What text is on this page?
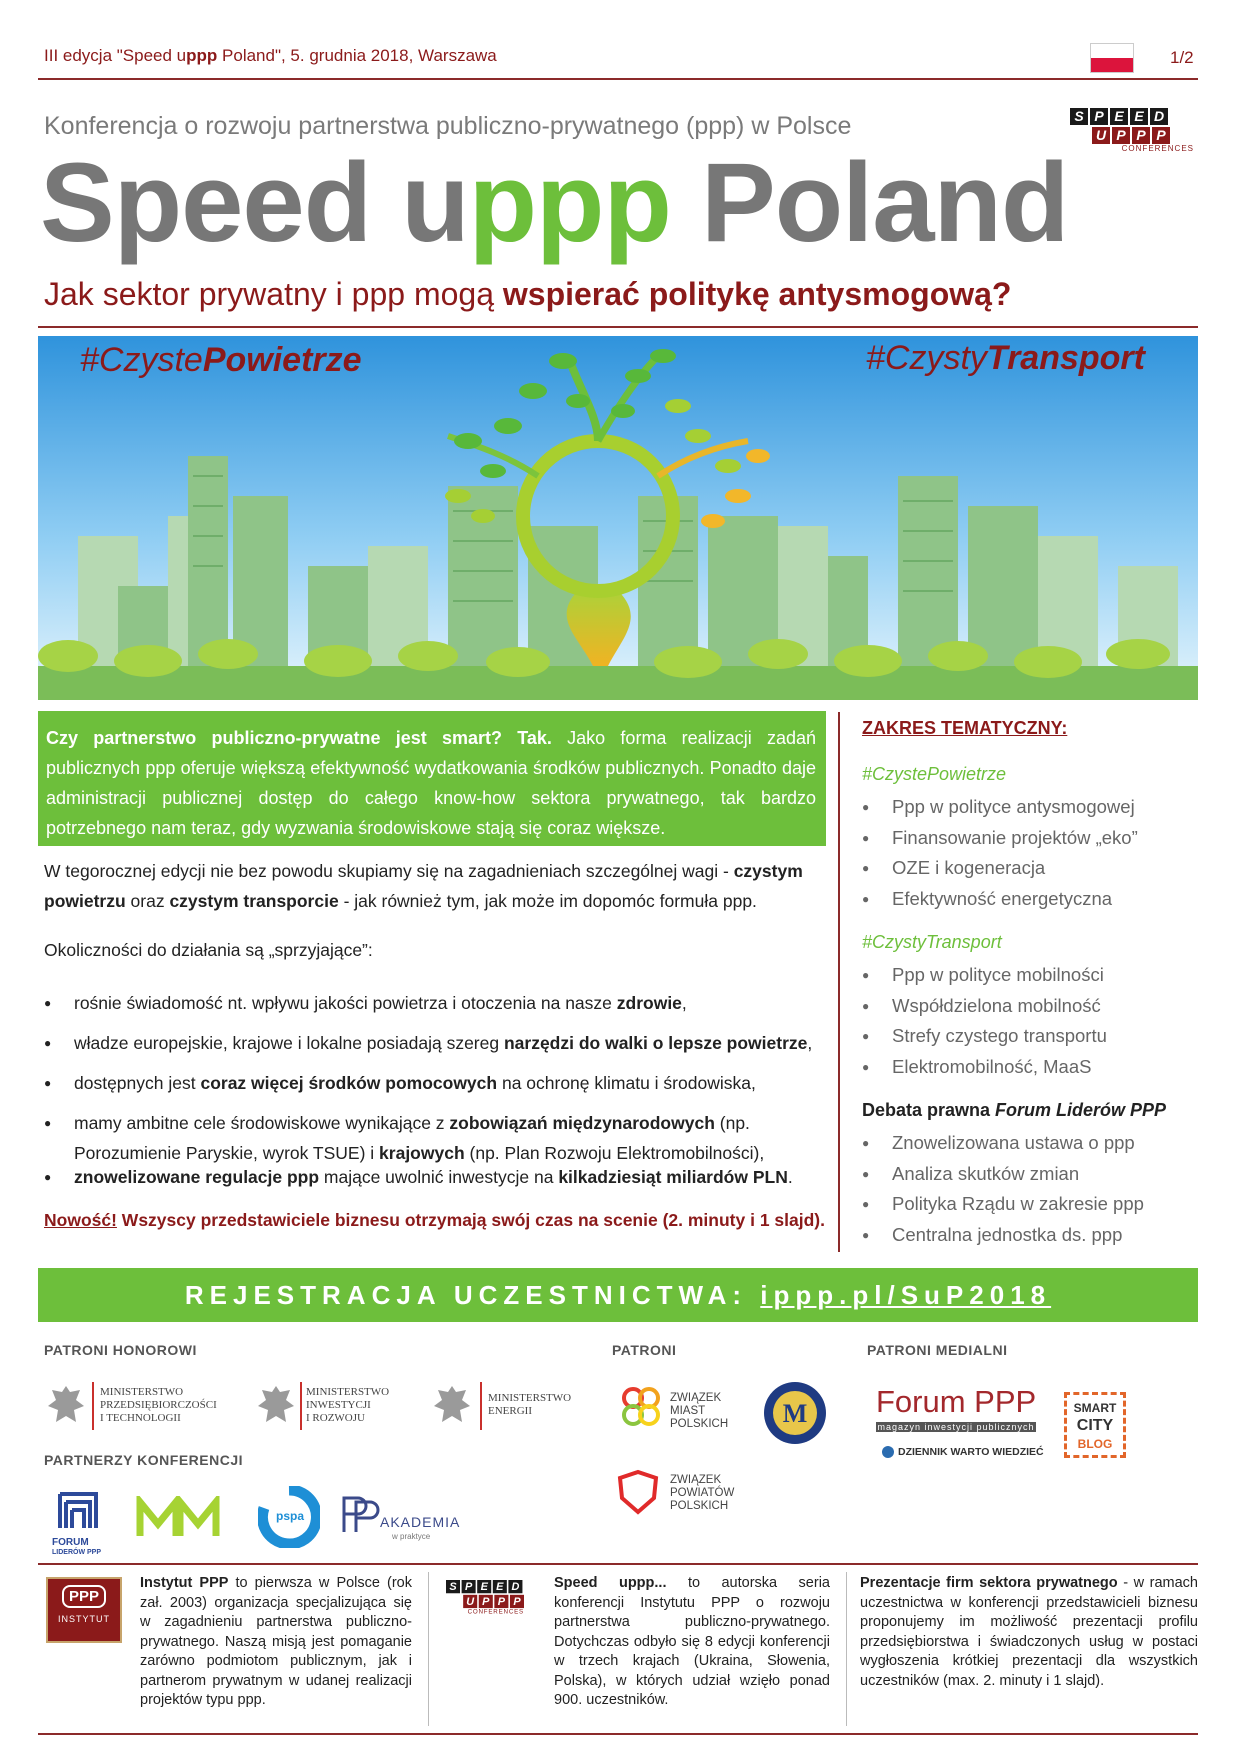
III edycja "Speed uppp Poland", 5. grudnia 2018, Warszawa	1/2
Konferencja o rozwoju partnerstwa publiczno-prywatnego (ppp) w Polsce
Speed uppp Poland
S P E E D
U P P P
CONFERENCES
Jak sektor prywatny i ppp mogą wspierać politykę antysmogową?
#CzystePowietrze	#CzystyTransport
Czy partnerstwo publiczno-prywatne jest smart? Tak. Jako forma realizacji zadań publicznych ppp oferuje większą efektywność wydatkowania środków publicznych. Ponadto daje administracji publicznej dostęp do całego know-how sektora prywatnego, tak bardzo potrzebnego nam teraz, gdy wyzwania środowiskowe stają się coraz większe.
W tegorocznej edycji nie bez powodu skupiamy się na zagadnieniach szczególnej wagi - czystym powietrzu oraz czystym transporcie - jak również tym, jak może im dopomóc formuła ppp.
Okoliczności do działania są „sprzyjające”:
● rośnie świadomość nt. wpływu jakości powietrza i otoczenia na nasze zdrowie,
● władze europejskie, krajowe i lokalne posiadają szereg narzędzi do walki o lepsze powietrze,
● dostępnych jest coraz więcej środków pomocowych na ochronę klimatu i środowiska,
● mamy ambitne cele środowiskowe wynikające z zobowiązań międzynarodowych (np. Porozumienie Paryskie, wyrok TSUE) i krajowych (np. Plan Rozwoju Elektromobilności),
● znowelizowane regulacje ppp mające uwolnić inwestycje na kilkadziesiąt miliardów PLN.
Nowość! Wszyscy przedstawiciele biznesu otrzymają swój czas na scenie (2. minuty i 1 slajd).
ZAKRES TEMATYCZNY:
#CzystePowietrze
● Ppp w polityce antysmogowej
● Finansowanie projektów „eko”
● OZE i kogeneracja
● Efektywność energetyczna
#CzystyTransport
● Ppp w polityce mobilności
● Współdzielona mobilność
● Strefy czystego transportu
● Elektromobilność, MaaS
Debata prawna Forum Liderów PPP
● Znowelizowana ustawa o ppp
● Analiza skutków zmian
● Polityka Rządu w zakresie ppp
● Centralna jednostka ds. ppp
REJESTRACJA UCZESTNICTWA: ippp.pl/SuP2018
PATRONI HONOROWI	PATRONI	PATRONI MEDIALNI
MINISTERSTWO
PRZEDSIĘBIORCZOŚCI
I TECHNOLOGII
MINISTERSTWO
INWESTYCJI
I ROZWOJU
MINISTERSTWO
ENERGII
ZWIĄZEK
MIAST
POLSKICH M
ZWIĄZEK
POWIATÓW
POLSKICH
Forum PPP
magazyn inwestycji publicznych
DZIENNIK WARTO WIEDZIEĆ
SMART
CITY
BLOG
PARTNERZY KONFERENCJI
FORUM
LIDERÓW PPP
pspa	AKADEMIA
w praktyce
PPP
INSTYTUT
Instytut PPP to pierwsza w Polsce (rok zał. 2003) organizacja specjalizująca się w zagadnieniu partnerstwa publiczno-prywatnego. Naszą misją jest pomaganie zarówno podmiotom publicznym, jak i partnerom prywatnym w udanej realizacji projektów typu ppp.
S P E E D
U P P P
CONFERENCES
Speed uppp... to autorska seria konferencji Instytutu PPP o rozwoju partnerstwa publiczno-prywatnego. Dotychczas odbyło się 8 edycji konferencji w trzech krajach (Ukraina, Słowenia, Polska), w których udział wzięło ponad 900. uczestników.
Prezentacje firm sektora prywatnego - w ramach uczestnictwa w konferencji przedstawicieli biznesu proponujemy im możliwość prezentacji profilu przedsiębiorstwa i świadczonych usług w postaci wygłoszenia krótkiej prezentacji dla wszystkich uczestników (max. 2. minuty i 1 slajd).
